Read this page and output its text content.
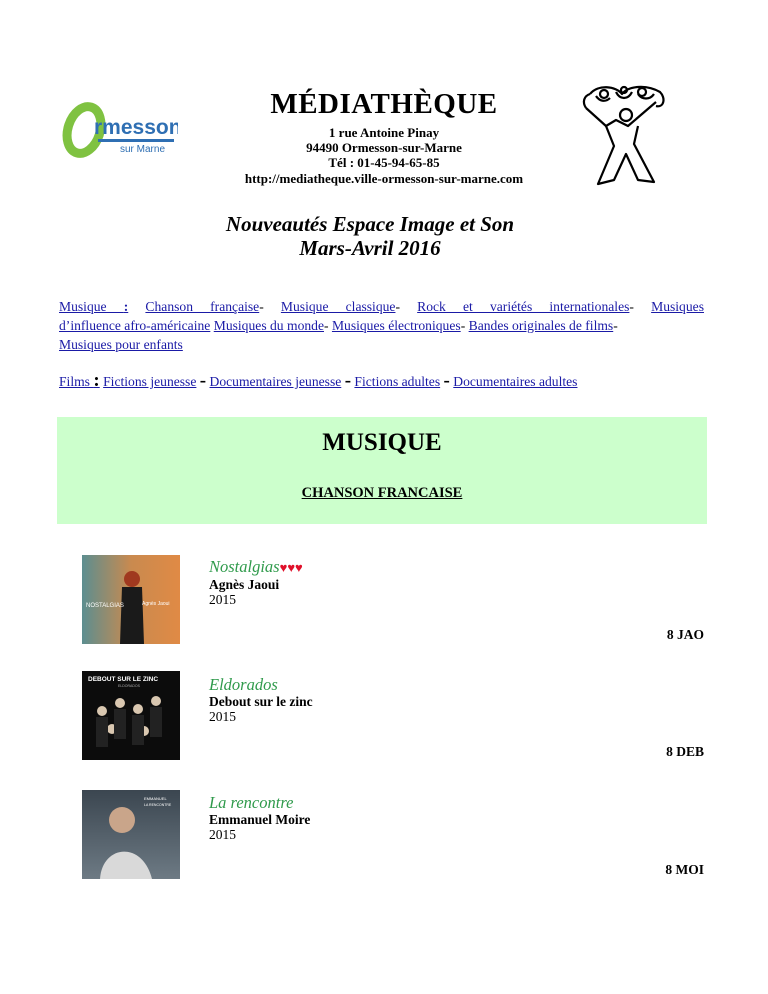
rmesson
sur Marne
MÉDIATHÈQUE
1 rue Antoine Pinay
94490 Ormesson-sur-Marne
Tél : 01-45-94-65-85
http://mediatheque.ville-ormesson-sur-marne.com
Nouveautés Espace Image et Son
Mars-Avril 2016
Musique : Chanson française- Musique classique- Rock et variétés internationales- Musiques
d’influence afro-américaine Musiques du monde- Musiques électroniques- Bandes originales de films-
Musiques pour enfants
Films : Fictions jeunesse - Documentaires jeunesse - Fictions adultes - Documentaires adultes
MUSIQUE
CHANSON FRANCAISE
NOSTALGIAS	Agnès Jaoui
Nostalgias♥♥♥
Agnès Jaoui
2015
8 JAO
DEBOUT SUR LE ZINC
ELDORADOS	Eldorados
Debout sur le zinc
2015
8 DEB
EMMANUEL
LA RENCONTRE La rencontre
Emmanuel Moire
2015
8 MOI
